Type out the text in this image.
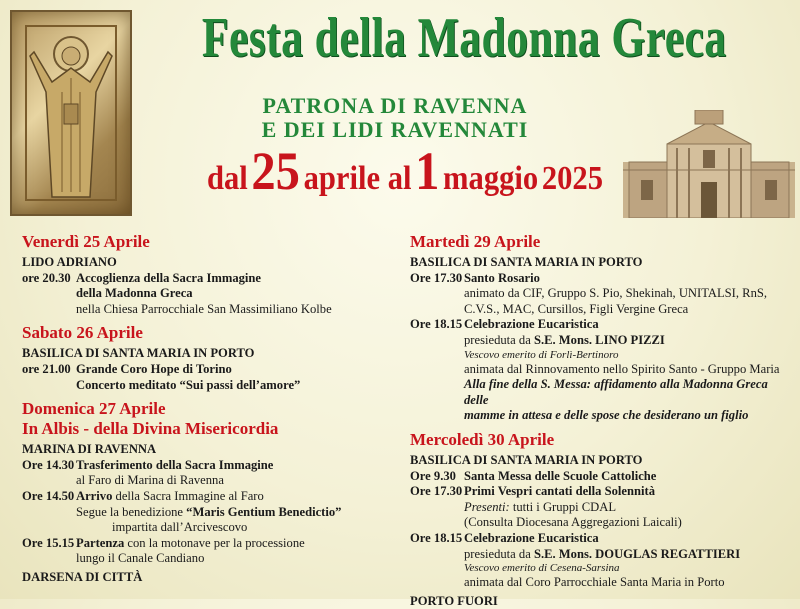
Festa della Madonna Greca
PATRONA DI RAVENNA
E DEI LIDI RAVENNATI
dal 25 aprile al 1 maggio 2025
Venerdì 25 Aprile
LIDO ADRIANO
ore 20.30 Accoglienza della Sacra Immagine
della Madonna Greca
nella Chiesa Parrocchiale San Massimiliano Kolbe
Sabato 26 Aprile
BASILICA DI SANTA MARIA IN PORTO
ore 21.00 Grande Coro Hope di Torino
Concerto meditato “Sui passi dell’amore”
Domenica 27 Aprile
In Albis - della Divina Misericordia
MARINA DI RAVENNA
Ore 14.30 Trasferimento della Sacra Immagine
al Faro di Marina di Ravenna
Ore 14.50 Arrivo della Sacra Immagine al Faro
Segue la benedizione “Maris Gentium Benedictio”
impartita dall’Arcivescovo
Ore 15.15 Partenza con la motonave per la processione
lungo il Canale Candiano
DARSENA DI CITTÀ
Martedì 29 Aprile
BASILICA DI SANTA MARIA IN PORTO
Ore 17.30 Santo Rosario
animato da CIF, Gruppo S. Pio, Shekinah, UNITALSI, RnS,
C.V.S., MAC, Cursillos, Figli Vergine Greca
Ore 18.15 Celebrazione Eucaristica
presieduta da S.E. Mons. LINO PIZZI
Vescovo emerito di Forlì-Bertinoro
animata dal Rinnovamento nello Spirito Santo - Gruppo Maria
Alla fine della S. Messa: affidamento alla Madonna Greca delle
mamme in attesa e delle spose che desiderano un figlio
Mercoledì 30 Aprile
BASILICA DI SANTA MARIA IN PORTO
Ore 9.30 Santa Messa delle Scuole Cattoliche
Ore 17.30 Primi Vespri cantati della Solennità
Presenti: tutti i Gruppi CDAL
(Consulta Diocesana Aggregazioni Laicali)
Ore 18.15 Celebrazione Eucaristica
presieduta da S.E. Mons. DOUGLAS REGATTIERI
Vescovo emerito di Cesena-Sarsina
animata dal Coro Parrocchiale Santa Maria in Porto
PORTO FUORI
